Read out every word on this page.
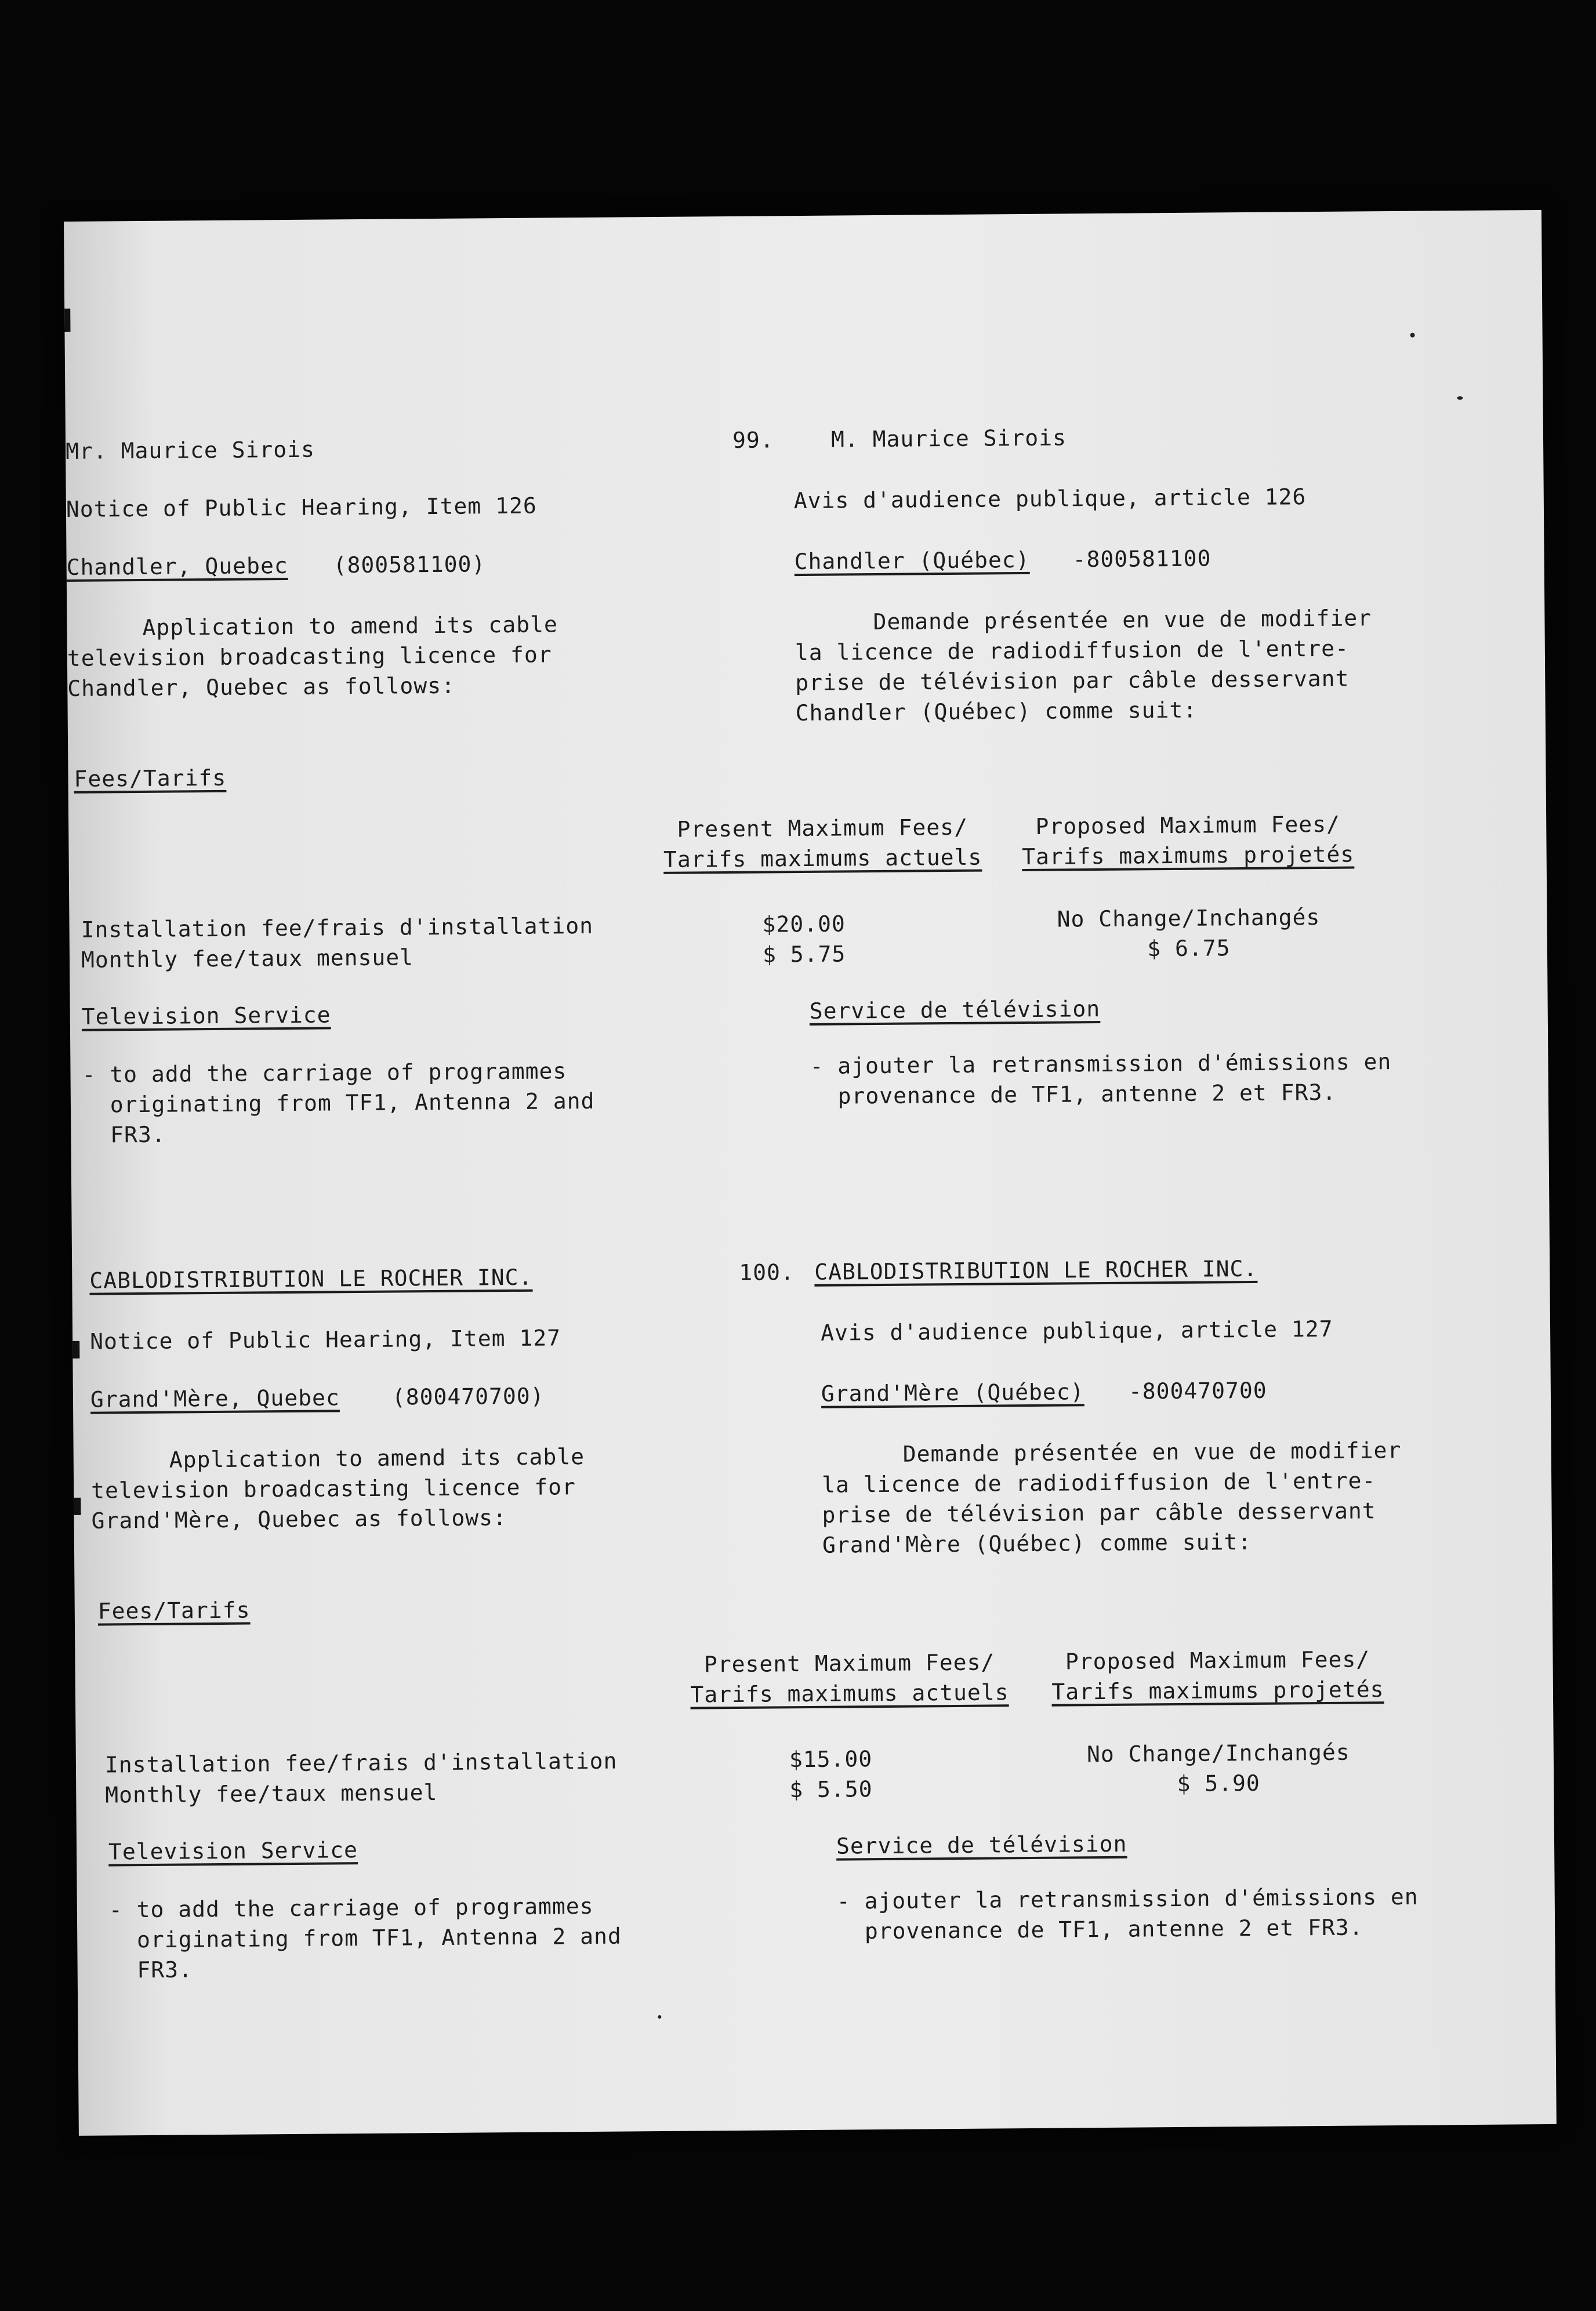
Mr. Maurice Sirois
Notice of Public Hearing, Item 126
Chandler, Quebec (800581100)
Application to amend its cable
television broadcasting licence for
Chandler, Quebec as follows:
Fees/Tarifs
99.	M. Maurice Sirois
Avis d'audience publique, article 126
Chandler (Québec) -800581100
Demande présentée en vue de modifier
la licence de radiodiffusion de l'entre-
prise de télévision par câble desservant
Chandler (Québec) comme suit:
Present Maximum Fees/
Tarifs maximums actuels
Proposed Maximum Fees/
Tarifs maximums projetés
Installation fee/frais d'installation
Monthly fee/taux mensuel
$20.00
$ 5.75
No Change/Inchangés
$ 6.75
Television Service
- to add the carriage of programmes
originating from TF1, Antenna 2 and
FR3.
Service de télévision
- ajouter la retransmission d'émissions en
provenance de TF1, antenne 2 et FR3.
CABLODISTRIBUTION LE ROCHER INC.
Notice of Public Hearing, Item 127
Grand'Mère, Quebec (800470700)
Application to amend its cable
television broadcasting licence for
Grand'Mère, Quebec as follows:
Fees/Tarifs
100. CABLODISTRIBUTION LE ROCHER INC.
Avis d'audience publique, article 127
Grand'Mère (Québec) -800470700
Demande présentée en vue de modifier
la licence de radiodiffusion de l'entre-
prise de télévision par câble desservant
Grand'Mère (Québec) comme suit:
Present Maximum Fees/
Tarifs maximums actuels
Proposed Maximum Fees/
Tarifs maximums projetés
Installation fee/frais d'installation
Monthly fee/taux mensuel
$15.00
$ 5.50
No Change/Inchangés
$ 5.90
Television Service
- to add the carriage of programmes
originating from TF1, Antenna 2 and
FR3.
Service de télévision
- ajouter la retransmission d'émissions en
provenance de TF1, antenne 2 et FR3.
